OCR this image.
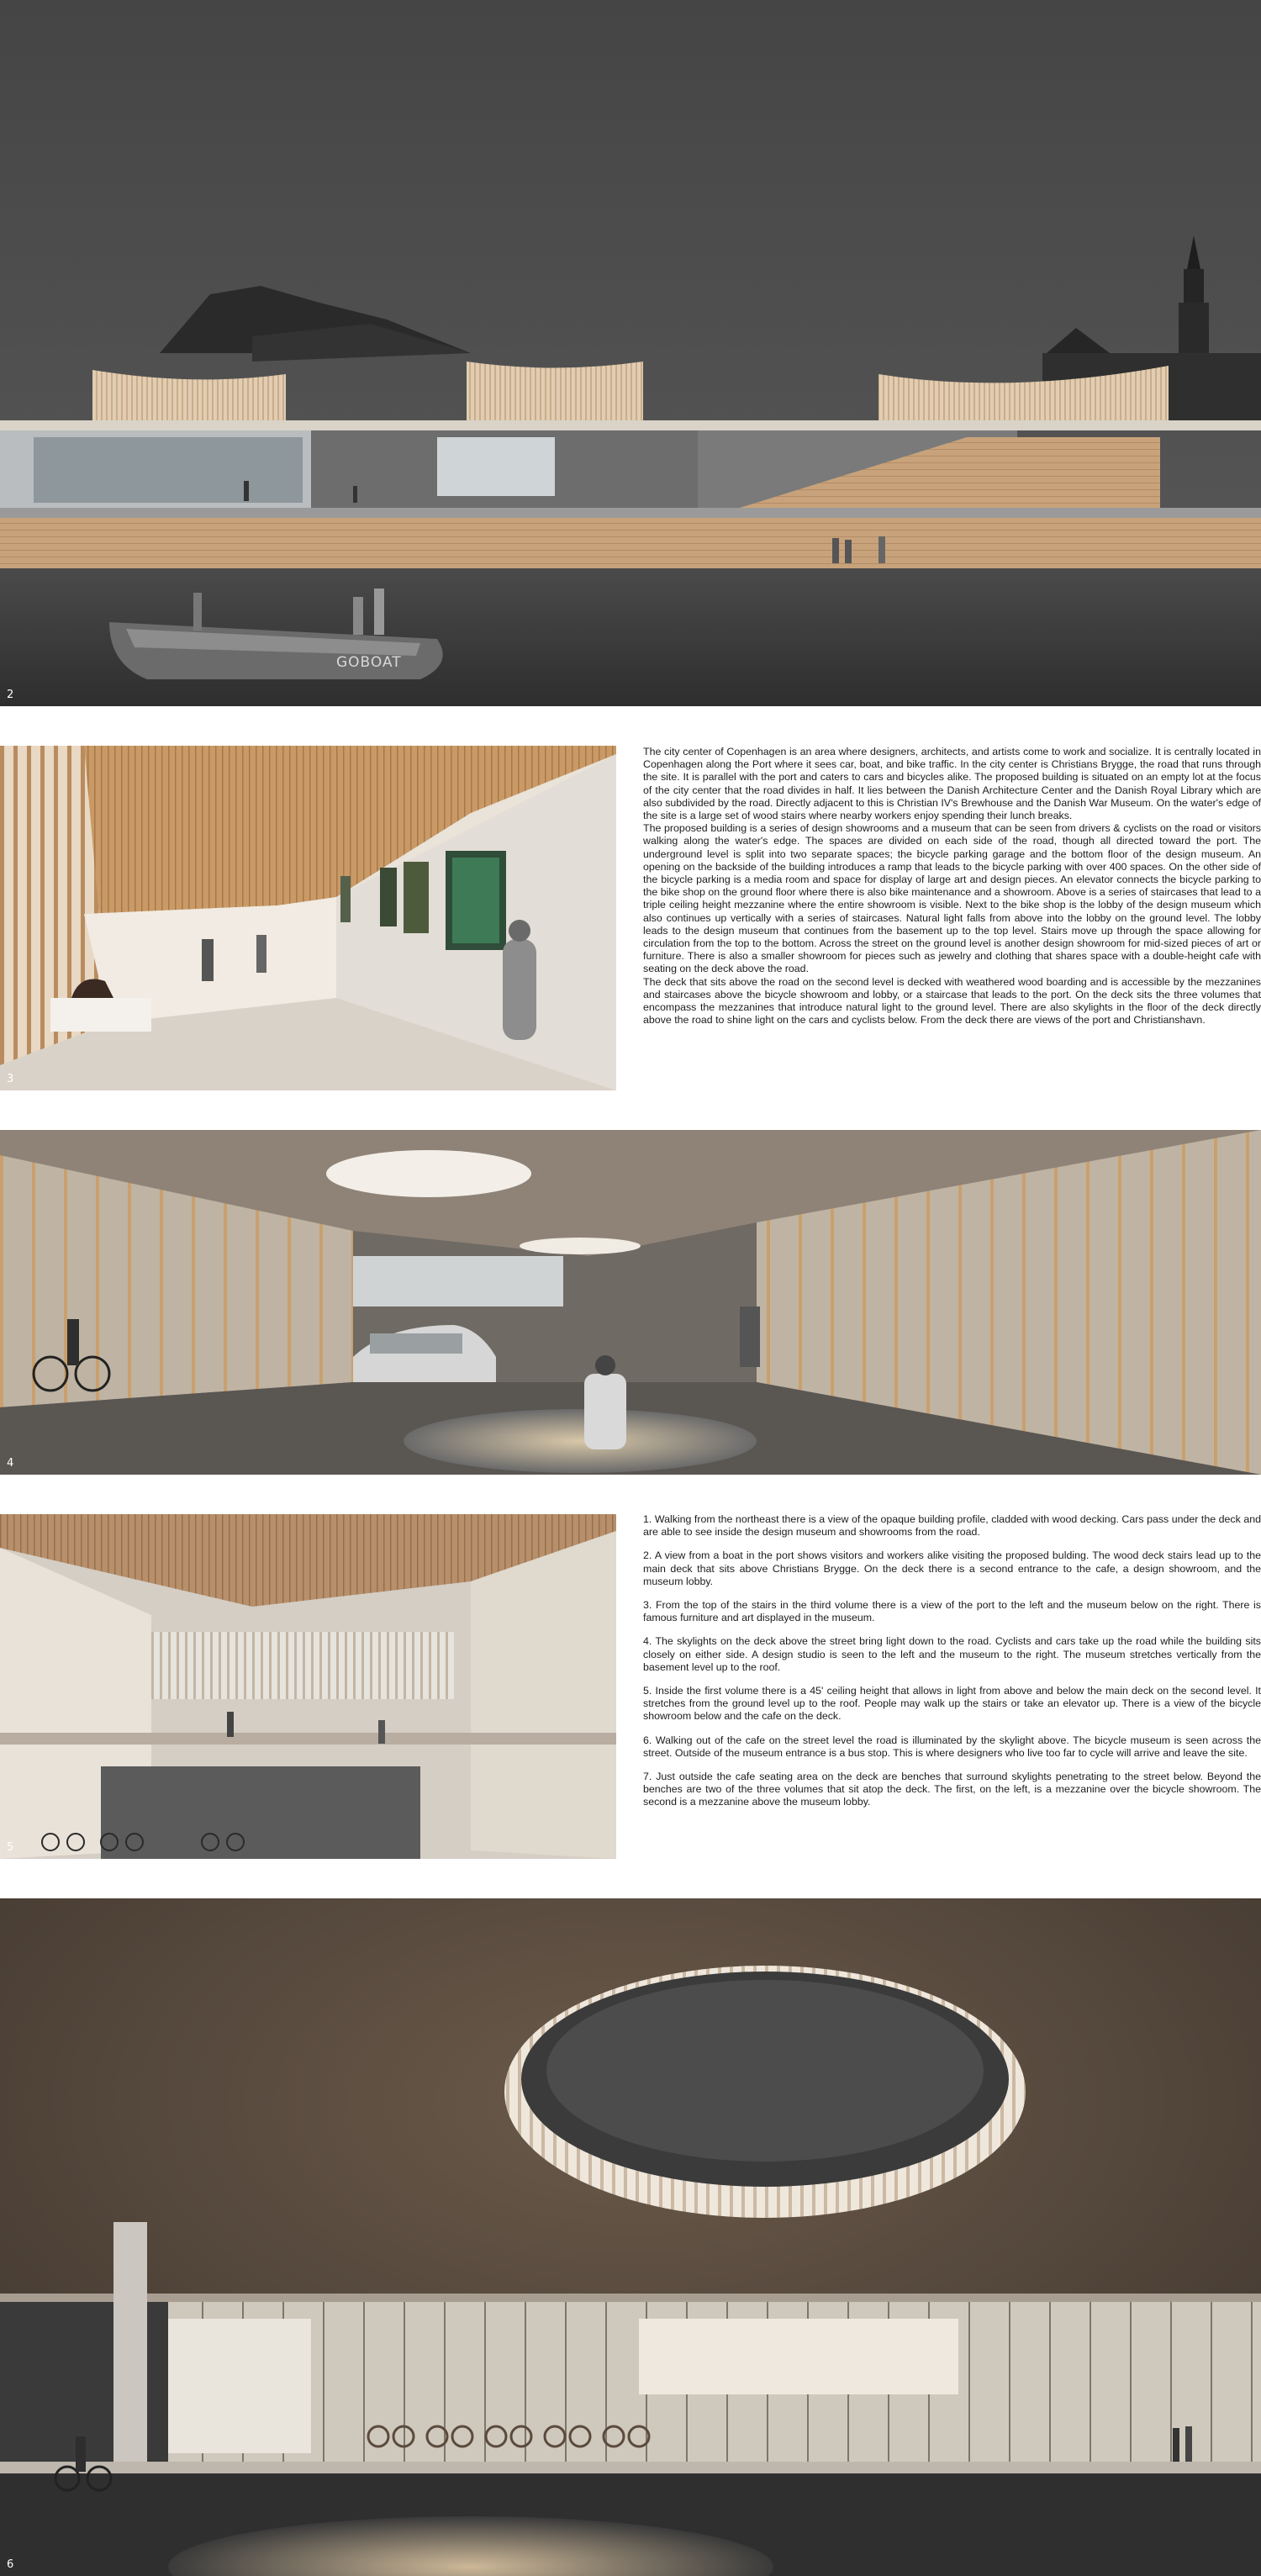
GOBOAT
2
3

The city center of Copenhagen is an area where designers, architects, and artists come to work and socialize. It is centrally located in Copenhagen along the Port where it sees car, boat, and bike traffic. In the city center is Christians Brygge, the road that runs through the site. It is parallel with the port and caters to cars and bicycles alike. The proposed building is situated on an empty lot at the focus of the city center that the road divides in half. It lies between the Danish Architecture Center and the Danish Royal Library which are also subdivided by the road. Directly adjacent to this is Christian IV's Brewhouse and the Danish War Museum. On the water's edge of the site is a large set of wood stairs where nearby workers enjoy spending their lunch breaks.

The proposed building is a series of design showrooms and a museum that can be seen from drivers & cyclists on the road or visitors walking along the water's edge. The spaces are divided on each side of the road, though all directed toward the port. The underground level is split into two separate spaces; the bicycle parking garage and the bottom floor of the design museum. An opening on the backside of the building introduces a ramp that leads to the bicycle parking with over 400 spaces. On the other side of the bicycle parking is a media room and space for display of large art and design pieces. An elevator connects the bicycle parking to the bike shop on the ground floor where there is also bike maintenance and a showroom. Above is a series of staircases that lead to a triple ceiling height mezzanine where the entire showroom is visible. Next to the bike shop is the lobby of the design museum which also continues up vertically with a series of staircases. Natural light falls from above into the lobby on the ground level. The lobby leads to the design museum that continues from the basement up to the top level. Stairs move up through the space allowing for circulation from the top to the bottom. Across the street on the ground level is another design showroom for mid-sized pieces of art or furniture. There is also a smaller showroom for pieces such as jewelry and clothing that shares space with a double-height cafe with seating on the deck above the road.

The deck that sits above the road on the second level is decked with weathered wood boarding and is accessible by the mezzanines and staircases above the bicycle showroom and lobby, or a staircase that leads to the port. On the deck sits the three volumes that encompass the mezzanines that introduce natural light to the ground level. There are also skylights in the floor of the deck directly above the road to shine light on the cars and cyclists below. From the deck there are views of the port and Christianshavn.

4
5

1. Walking from the northeast there is a view of the opaque building profile, cladded with wood decking. Cars pass under the deck and are able to see inside the design museum and showrooms from the road.

2. A view from a boat in the port shows visitors and workers alike visiting the proposed bulding. The wood deck stairs lead up to the main deck that sits above Christians Brygge. On the deck there is a second entrance to the cafe, a design showroom, and the museum lobby.

3. From the top of the stairs in the third volume there is a view of the port to the left and the museum below on the right. There is famous furniture and art displayed in the museum.

4. The skylights on the deck above the street bring light down to the road. Cyclists and cars take up the road while the building sits closely on either side. A design studio is seen to the left and the museum to the right. The museum stretches vertically from the basement level up to the roof.

5. Inside the first volume there is a 45' ceiling height that allows in light from above and below the main deck on the second level. It stretches from the ground level up to the roof. People may walk up the stairs or take an elevator up. There is a view of the bicycle showroom below and the cafe on the deck.

6. Walking out of the cafe on the street level the road is illuminated by the skylight above. The bicycle museum is seen across the street. Outside of the museum entrance is a bus stop. This is where designers who live too far to cycle will arrive and leave the site.

7. Just outside the cafe seating area on the deck are benches that surround skylights penetrating to the street below. Beyond the benches are two of the three volumes that sit atop the deck. The first, on the left, is a mezzanine over the bicycle showroom. The second is a mezzanine above the museum lobby.

6
